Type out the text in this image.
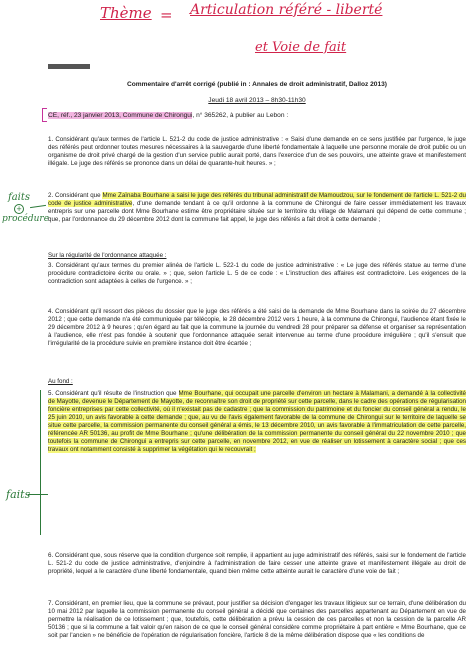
Thème = Articulation référé - liberté
et Voie de fait
Commentaire d'arrêt corrigé (publié in : Annales de droit administratif, Dalloz 2013)
Jeudi 18 avril 2013 – 8h30-11h30
CE, réf., 23 janvier 2013, Commune de Chirongui, n° 365262, à publier au Lebon :
1. Considérant qu'aux termes de l'article L. 521-2 du code de justice administrative : « Saisi d'une demande en ce sens justifiée par l'urgence, le juge des référés peut ordonner toutes mesures nécessaires à la sauvegarde d'une liberté fondamentale à laquelle une personne morale de droit public ou un organisme de droit privé chargé de la gestion d'un service public aurait porté, dans l'exercice d'un de ses pouvoirs, une atteinte grave et manifestement illégale. Le juge des référés se prononce dans un délai de quarante-huit heures. » ;
faits
+
procédure
2. Considérant que Mme Zaïnaba Bourhane a saisi le juge des référés du tribunal administratif de Mamoudzou, sur le fondement de l'article L. 521-2 du code de justice administrative, d'une demande tendant à ce qu'il ordonne à la commune de Chirongui de faire cesser immédiatement les travaux entrepris sur une parcelle dont Mme Bourhane estime être propriétaire située sur le territoire du village de Malamani qui dépend de cette commune ; que, par l'ordonnance du 29 décembre 2012 dont la commune fait appel, le juge des référés a fait droit à cette demande ;
Sur la régularité de l'ordonnance attaquée :
3. Considérant qu'aux termes du premier alinéa de l'article L. 522-1 du code de justice administrative : « Le juge des référés statue au terme d'une procédure contradictoire écrite ou orale. » ; que, selon l'article L. 5 de ce code : « L'instruction des affaires est contradictoire. Les exigences de la contradiction sont adaptées à celles de l'urgence. » ;
4. Considérant qu'il ressort des pièces du dossier que le juge des référés a été saisi de la demande de Mme Bourhane dans la soirée du 27 décembre 2012 ; que cette demande n'a été communiquée par télécopie, le 28 décembre 2012 vers 1 heure, à la commune de Chirongui, l'audience étant fixée le 29 décembre 2012 à 9 heures ; qu'en égard au fait que la commune la journée du vendredi 28 pour préparer sa défense et organiser sa représentation à l'audience, elle n'est pas fondée à soutenir que l'ordonnance attaquée serait intervenue au terme d'une procédure irrégulière ; qu'il s'ensuit que l'irrégularité de la procédure suivie en première instance doit être écartée ;
Au fond :
faits
5. Considérant qu'il résulte de l'instruction que Mme Bourhane, qui occupait une parcelle d'environ un hectare à Malamani, a demandé à la collectivité de Mayotte, devenue le Département de Mayotte, de reconnaître son droit de propriété sur cette parcelle, dans le cadre des opérations de régularisation foncière entreprises par cette collectivité, où il n'existait pas de cadastre ; que la commission du patrimoine et du foncier du conseil général a rendu, le 25 juin 2010, un avis favorable à cette demande ; que, au vu de l'avis également favorable de la commune de Chirongui sur le territoire de laquelle se situe cette parcelle, la commission permanente du conseil général a émis, le 13 décembre 2010, un avis favorable à l'immatriculation de cette parcelle, référencée AR 50136, au profit de Mme Bourhane ; qu'une délibération de la commission permanente du conseil général du 22 novembre 2010 ; que toutefois la commune de Chirongui a entrepris sur cette parcelle, en novembre 2012, en vue de réaliser un lotissement à caractère social ; que ces travaux ont notamment consisté à supprimer la végétation qui le recouvrait ;
6. Considérant que, sous réserve que la condition d'urgence soit remplie, il appartient au juge administratif des référés, saisi sur le fondement de l'article L. 521-2 du code de justice administrative, d'enjoindre à l'administration de faire cesser une atteinte grave et manifestement illégale au droit de propriété, lequel a le caractère d'une liberté fondamentale, quand bien même cette atteinte aurait le caractère d'une voie de fait ;
7. Considérant, en premier lieu, que la commune se prévaut, pour justifier sa décision d'engager les travaux litigieux sur ce terrain, d'une délibération du 10 mai 2012 par laquelle la commission permanente du conseil général a décidé que certaines des parcelles appartenant au Département en vue de permettre la réalisation de ce lotissement ; que, toutefois, cette délibération a prévu la cession de ces parcelles et non la cession de la parcelle AR 50136 ; que si la commune a fait valoir qu'en raison de ce que le conseil général considère comme propriétaire à part entière « Mme Bourhane, que ce soit par l'ancien » ne bénéficie de l'opération de régularisation foncière, l'article 8 de la même délibération dispose que « les conditions de
